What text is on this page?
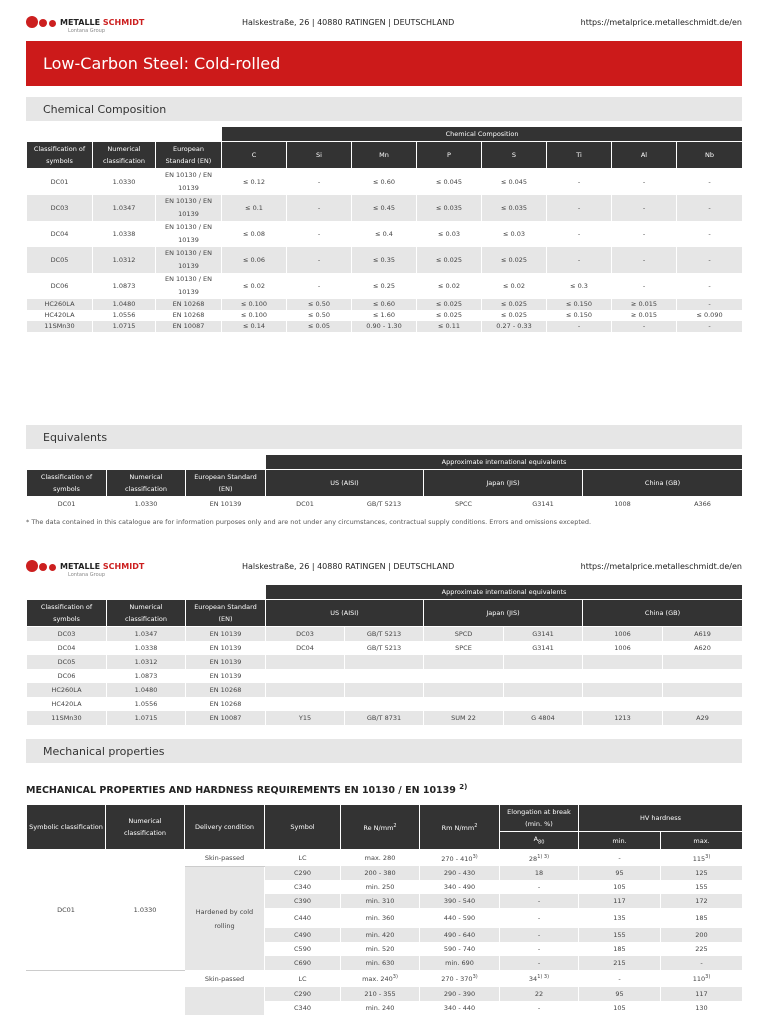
METALLE SCHMIDT
Lontana Group
Halskestraße, 26 | 40880 RATINGEN | DEUTSCHLAND	https://metalprice.metalleschmidt.de/en
Low-Carbon Steel: Cold-rolled
Chemical Composition
			Chemical Composition							
Classification of symbols	Numerical classification	European Standard (EN)	C	Si	Mn	P	S	Ti	Al	Nb
DC01	1.0330	EN 10130 / EN 10139	≤ 0.12	-	≤ 0.60	≤ 0.045	≤ 0.045	-	-	-
DC03	1.0347	EN 10130 / EN 10139	≤ 0.1	-	≤ 0.45	≤ 0.035	≤ 0.035	-	-	-
DC04	1.0338	EN 10130 / EN 10139	≤ 0.08	-	≤ 0.4	≤ 0.03	≤ 0.03	-	-	-
DC05	1.0312	EN 10130 / EN 10139	≤ 0.06	-	≤ 0.35	≤ 0.025	≤ 0.025	-	-	-
DC06	1.0873	EN 10130 / EN 10139	≤ 0.02	-	≤ 0.25	≤ 0.02	≤ 0.02	≤ 0.3	-	-
HC260LA	1.0480	EN 10268	≤ 0.100	≤ 0.50	≤ 0.60	≤ 0.025	≤ 0.025	≤ 0.150	≥ 0.015	-
HC420LA	1.0556	EN 10268	≤ 0.100	≤ 0.50	≤ 1.60	≤ 0.025	≤ 0.025	≤ 0.150	≥ 0.015	≤ 0.090
11SMn30	1.0715	EN 10087	≤ 0.14	≤ 0.05	0.90 - 1.30	≤ 0.11	0.27 - 0.33	-	-	-
Equivalents
			Approximate international equivalents					
Classification of symbols	Numerical classification	European Standard (EN)	US (AISI)		Japan (JIS)		China (GB)	
DC01	1.0330	EN 10139	DC01	GB/T 5213	SPCC	G3141	1008	A366
* The data contained in this catalogue are for information purposes only and are not under any circumstances, contractual supply conditions. Errors and omissions excepted.
METALLE SCHMIDT
Lontana Group
Halskestraße, 26 | 40880 RATINGEN | DEUTSCHLAND	https://metalprice.metalleschmidt.de/en
			Approximate international equivalents					
Classification of symbols	Numerical classification	European Standard (EN)	US (AISI)		Japan (JIS)		China (GB)	
DC03	1.0347	EN 10139	DC03	GB/T 5213	SPCD	G3141	1006	A619
DC04	1.0338	EN 10139	DC04	GB/T 5213	SPCE	G3141	1006	A620
DC05	1.0312	EN 10139						
DC06	1.0873	EN 10139						
HC260LA	1.0480	EN 10268						
HC420LA	1.0556	EN 10268						
11SMn30	1.0715	EN 10087	Y15	GB/T 8731	SUM 22	G 4804	1213	A29
Mechanical properties
MECHANICAL PROPERTIES AND HARDNESS REQUIREMENTS EN 10130 / EN 10139 $^{2)}$
Symbolic classification	Numerical classification	Delivery condition	Symbol	Re $N/mm^2$	Rm $N/mm^2$	Elongation at break (min. %)	HV hardness	
						$A_{80}$	min.	max.
DC01	1.0330	Skin-passed	LC	max. 280	270 - 410$^{3)}$	$28^{1) 3)}$	-	115$^{3)}$
		Hardened by cold rolling	C290	200 - 380	290 - 430	18	95	125
			C340	min. 250	340 - 490	-	105	155
			C390	min. 310	390 - 540	-	117	172
			C440	min. 360	440 - 590	-	135	185
			C490	min. 420	490 - 640	-	155	200
			C590	min. 520	590 - 740	-	185	225
			C690	min. 630	min. 690	-	215	-
		Skin-passed	LC	max. 240$^{3)}$	270 - 370$^{3)}$	$34^{1) 3)}$	-	110$^{3)}$
			C290	210 - 355	290 - 390	22	95	117
			C340	min. 240	340 - 440	-	105	130
